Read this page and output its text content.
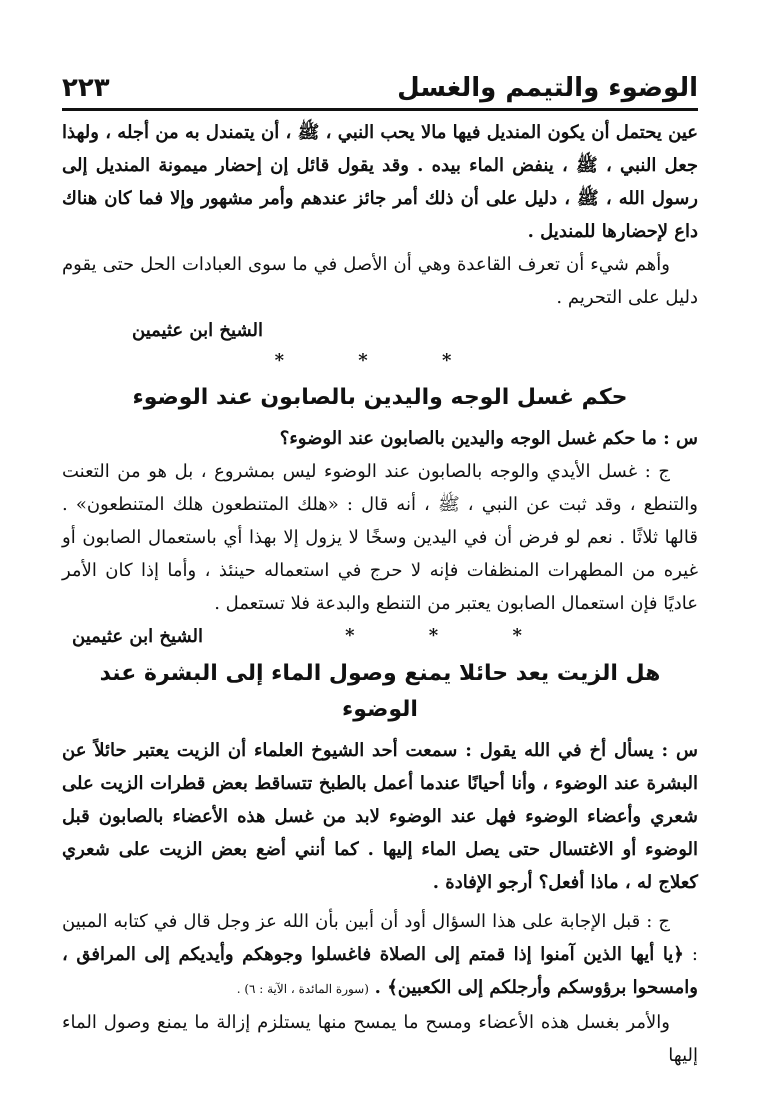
٢٢٣	الوضوء والتيمم والغسل

عين يحتمل أن يكون المنديل فيها مالا يحب النبي ، ﷺ ، أن يتمندل به من أجله ، ولهذا جعل النبي ، ﷺ ، ينفض الماء بيده . وقد يقول قائل إن إحضار ميمونة المنديل إلى رسول الله ، ﷺ ، دليل على أن ذلك أمر جائز عندهم وأمر مشهور وإلا فما كان هناك داع لإحضارها للمنديل .

وأهم شيء أن تعرف القاعدة وهي أن الأصل في ما سوى العبادات الحل حتى يقوم دليل على التحريم .

الشيخ ابن عثيمين
* * *
حكم غسل الوجه واليدين بالصابون عند الوضوء

س : ما حكم غسل الوجه واليدين بالصابون عند الوضوء؟

ج : غسل الأيدي والوجه بالصابون عند الوضوء ليس بمشروع ، بل هو من التعنت والتنطع ، وقد ثبت عن النبي ، ﷺ ، أنه قال : «هلك المتنطعون هلك المتنطعون» . قالها ثلاثًا . نعم لو فرض أن في اليدين وسخًا لا يزول إلا بهذا أي باستعمال الصابون أو غيره من المطهرات المنظفات فإنه لا حرج في استعماله حينئذ ، وأما إذا كان الأمر عاديًا فإن استعمال الصابون يعتبر من التنطع والبدعة فلا تستعمل .

* * *
الشيخ ابن عثيمين
هل الزيت يعد حائلا يمنع وصول الماء إلى البشرة عند الوضوء

س : يسأل أخ في الله يقول : سمعت أحد الشيوخ العلماء أن الزيت يعتبر حائلاً عن البشرة عند الوضوء ، وأنا أحيانًا عندما أعمل بالطبخ تتساقط بعض قطرات الزيت على شعري وأعضاء الوضوء فهل عند الوضوء لابد من غسل هذه الأعضاء بالصابون قبل الوضوء أو الاغتسال حتى يصل الماء إليها . كما أنني أضع بعض الزيت على شعري كعلاج له ، ماذا أفعل؟ أرجو الإفادة .

ج : قبل الإجابة على هذا السؤال أود أن أبين بأن الله عز وجل قال في كتابه المبين : ﴿يا أيها الذين آمنوا إذا قمتم إلى الصلاة فاغسلوا وجوهكم وأيديكم إلى المرافق ، وامسحوا برؤوسكم وأرجلكم إلى الكعبين﴾ . (سورة المائدة ، الآية : ٦) .

والأمر بغسل هذه الأعضاء ومسح ما يمسح منها يستلزم إزالة ما يمنع وصول الماء إليها
